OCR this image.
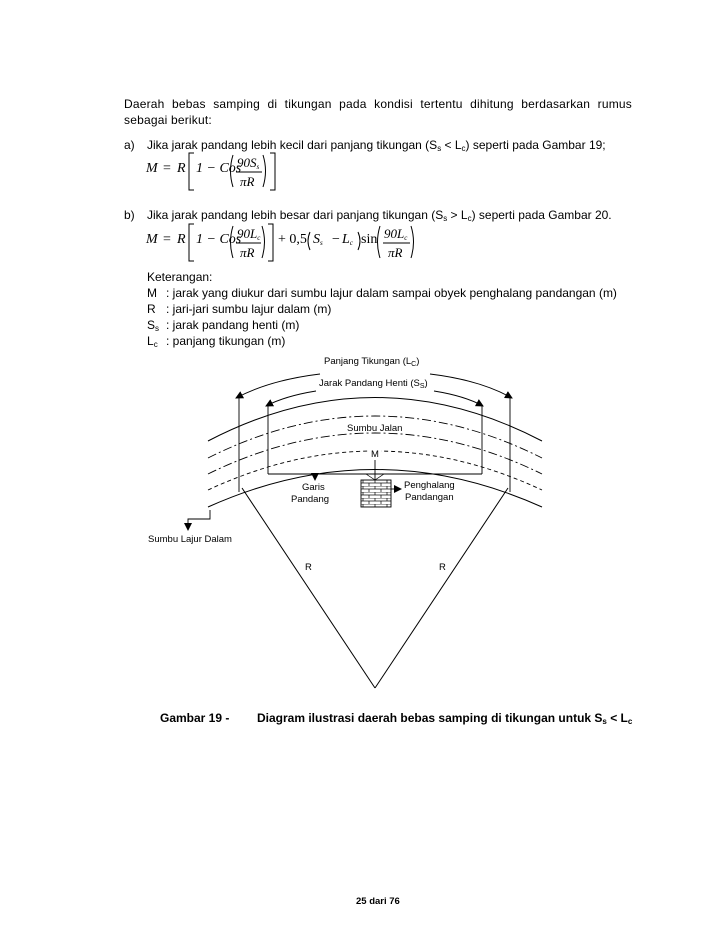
Daerah bebas samping di tikungan pada kondisi tertentu dihitung berdasarkan rumus
sebagai berikut:
a) Jika jarak pandang lebih kecil dari panjang tikungan $(S_s < L_c)$ seperti pada Gambar 19;
M = R 1 − Cos
$90S_s$
πR
b) Jika jarak pandang lebih besar dari panjang tikungan $(S_s > L_c)$ seperti pada Gambar 20.
M = R 1 − Cos
$90L_c$
πR
+ 0,5 $S_s - L_c$ $\sin 90L_c$
πR
Keterangan:
M : jarak yang diukur dari sumbu lajur dalam sampai obyek penghalang pandangan (m)
R : jari-jari sumbu lajur dalam (m)
$S_s$ : jarak pandang henti (m)
$L_c$ : panjang tikungan (m)
Panjang Tikungan $(L_C)$
Jarak Pandang Henti $(S_S)$
Sumbu Jalan
M
Garis
Pandang
Penghalang
Pandangan
Sumbu Lajur Dalam
R	R
Gambar 19 - Diagram ilustrasi daerah bebas samping di tikungan untuk $S_s < L_c$
25 dari 76
